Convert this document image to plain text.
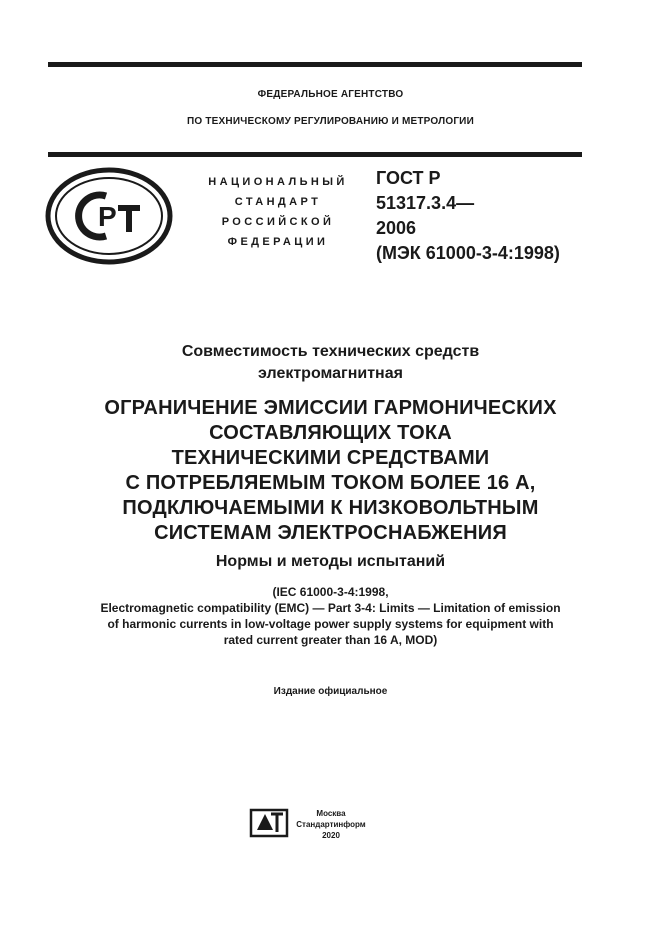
ФЕДЕРАЛЬНОЕ АГЕНТСТВО
ПО ТЕХНИЧЕСКОМУ РЕГУЛИРОВАНИЮ И МЕТРОЛОГИИ
Р
НАЦИОНАЛЬНЫЙ
СТАНДАРТ
РОССИЙСКОЙ
ФЕДЕРАЦИИ
ГОСТ Р
51317.3.4—
2006
(МЭК 61000-3-4:1998)
Совместимость технических средств
электромагнитная
ОГРАНИЧЕНИЕ ЭМИССИИ ГАРМОНИЧЕСКИХ
СОСТАВЛЯЮЩИХ ТОКА
ТЕХНИЧЕСКИМИ СРЕДСТВАМИ
С ПОТРЕБЛЯЕМЫМ ТОКОМ БОЛЕЕ 16 А,
ПОДКЛЮЧАЕМЫМИ К НИЗКОВОЛЬТНЫМ
СИСТЕМАМ ЭЛЕКТРОСНАБЖЕНИЯ
Нормы и методы испытаний
(IEC 61000-3-4:1998,
Electromagnetic compatibility (EMC) — Part 3-4: Limits — Limitation of emission
of harmonic currents in low-voltage power supply systems for equipment with
rated current greater than 16 A, MOD)
Издание официальное
Москва
Стандартинформ
2020
